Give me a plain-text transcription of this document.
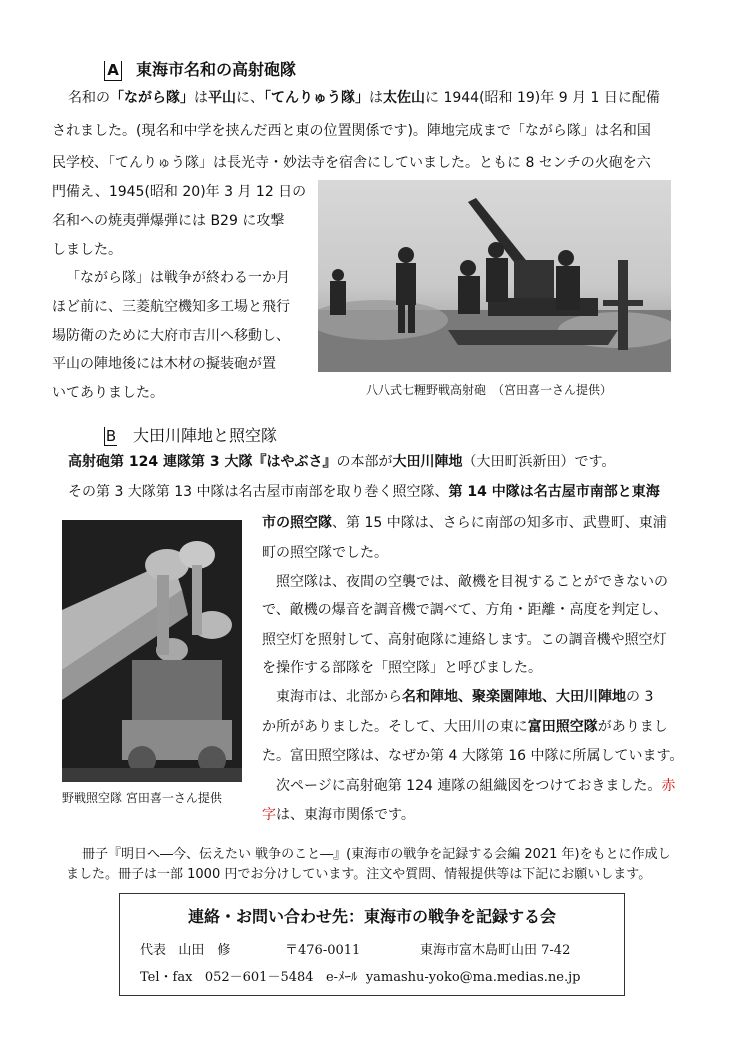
A 東海市名和の高射砲隊
名和の「ながら隊」は平山に、「てんりゅう隊」は太佐山に 1944(昭和 19)年 9 月 1 日に配備
されました。(現名和中学を挟んだ西と東の位置関係です)。陣地完成まで「ながら隊」は名和国
民学校、「てんりゅう隊」は長光寺・妙法寺を宿舎にしていました。ともに 8 センチの火砲を六
門備え、1945(昭和 20)年 3 月 12 日の
名和への焼夷弾爆弾には B29 に攻撃
しました。
「ながら隊」は戦争が終わる一か月
ほど前に、三菱航空機知多工場と飛行
場防衛のために大府市吉川へ移動し、
平山の陣地後には木材の擬装砲が置
いてありました。	八八式七糎野戦高射砲　（宮田喜一さん提供）
B 大田川陣地と照空隊
高射砲第 124 連隊第 3 大隊『はやぶさ』の本部が大田川陣地（大田町浜新田）です。
その第 3 大隊第 13 中隊は名古屋市南部を取り巻く照空隊、第 14 中隊は名古屋市南部と東海
市の照空隊、第 15 中隊は、さらに南部の知多市、武豊町、東浦
町の照空隊でした。
照空隊は、夜間の空襲では、敵機を目視することができないの
で、敵機の爆音を調音機で調べて、方角・距離・高度を判定し、
照空灯を照射して、高射砲隊に連絡します。この調音機や照空灯
を操作する部隊を「照空隊」と呼びました。
東海市は、北部から名和陣地、聚楽園陣地、大田川陣地の 3
か所がありました。そして、大田川の東に富田照空隊がありまし
た。富田照空隊は、なぜか第 4 大隊第 16 中隊に所属しています。
次ページに高射砲第 124 連隊の組織図をつけておきました。赤
字は、東海市関係です。
野戦照空隊 宮田喜一さん提供
冊子『明日へ―今、伝えたい 戦争のこと―』(東海市の戦争を記録する会編 2021 年)をもとに作成し
ました。冊子は一部 1000 円でお分けしています。注文や質問、情報提供等は下記にお願いします。
連絡・お問い合わせ先：東海市の戦争を記録する会
代表 山田　修	〒476-0011	東海市富木島町山田 7-42
Tel・fax 052－601－5484 e-ﾒｰﾙ yamashu-yoko@ma.medias.ne.jp
